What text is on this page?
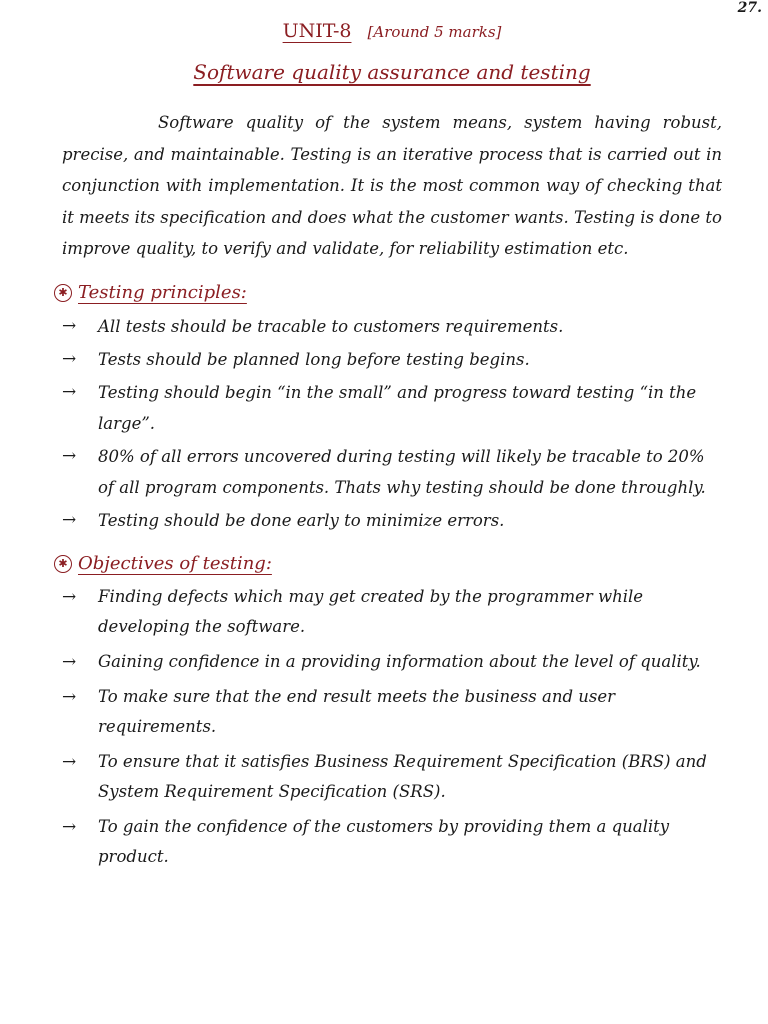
27.
UNIT-8 [Around 5 marks]
Software quality assurance and testing

Software quality of the system means, system having robust, precise, and maintainable. Testing is an iterative process that is carried out in conjunction with implementation. It is the most common way of checking that it meets its specification and does what the customer wants. Testing is done to improve quality, to verify and validate, for reliability estimation etc.

✱ Testing principles:
→	All tests should be tracable to customers requirements.
→	Tests should be planned long before testing begins.
→	Testing should begin “in the small” and progress toward testing “in the large”.
→	80% of all errors uncovered during testing will likely be tracable to 20% of all program components. Thats why testing should be done throughly.
→	Testing should be done early to minimize errors.
✱ Objectives of testing:
→	Finding defects which may get created by the programmer while developing the software.
→	Gaining confidence in a providing information about the level of quality.
→	To make sure that the end result meets the business and user requirements.
→	To ensure that it satisfies Business Requirement Specification (BRS) and System Requirement Specification (SRS).
→	To gain the confidence of the customers by providing them a quality product.
